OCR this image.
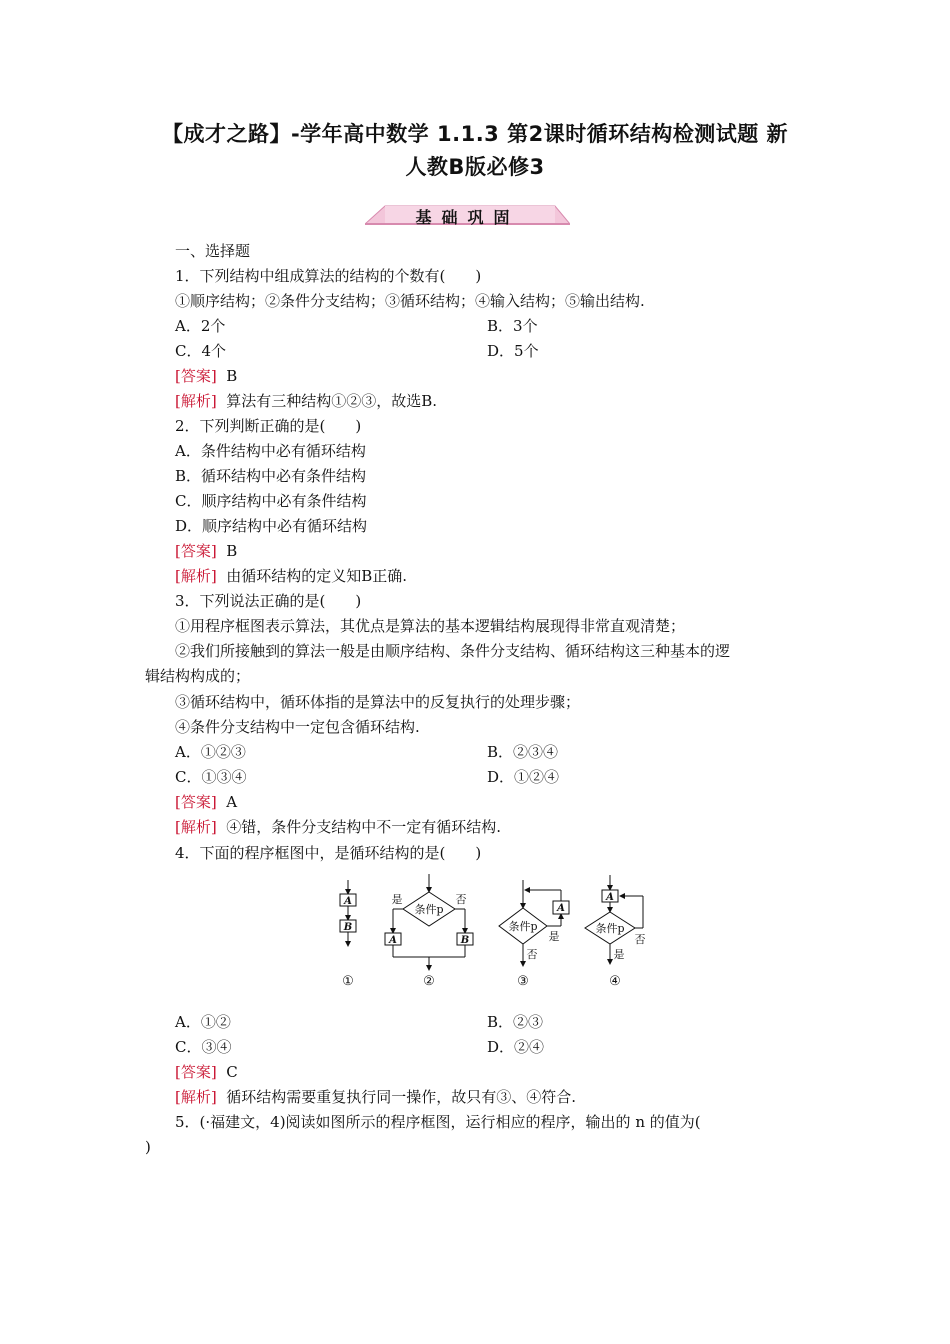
【成才之路】-学年高中数学 1.1.3 第2课时循环结构检测试题 新
人教B版必修3
基础巩固
一、选择题
1．下列结构中组成算法的结构的个数有(　　)
①顺序结构；②条件分支结构；③循环结构；④输入结构；⑤输出结构.
A．2个	B．3个
C．4个	D．5个
[答案] B
[解析] 算法有三种结构①②③，故选B.
2．下列判断正确的是(　　)
A．条件结构中必有循环结构
B．循环结构中必有条件结构
C．顺序结构中必有条件结构
D．顺序结构中必有循环结构
[答案] B
[解析] 由循环结构的定义知B正确.
3．下列说法正确的是(　　)
①用程序框图表示算法，其优点是算法的基本逻辑结构展现得非常直观清楚；
②我们所接触到的算法一般是由顺序结构、条件分支结构、循环结构这三种基本的逻
辑结构构成的；
③循环结构中，循环体指的是算法中的反复执行的处理步骤；
④条件分支结构中一定包含循环结构.
A．①②③	B．②③④
C．①③④	D．①②④
[答案] A
[解析] ④错，条件分支结构中不一定有循环结构.
4．下面的程序框图中，是循环结构的是(　　)
A
B
A	B
A
A
条件p
条件p	条件p
是	否
是
否
否
是
①	②	③	④
A．①②	B．②③
C．③④	D．②④
[答案] C
[解析] 循环结构需要重复执行同一操作，故只有③、④符合.
5．(·福建文，4)阅读如图所示的程序框图，运行相应的程序，输出的 n 的值为(
)
